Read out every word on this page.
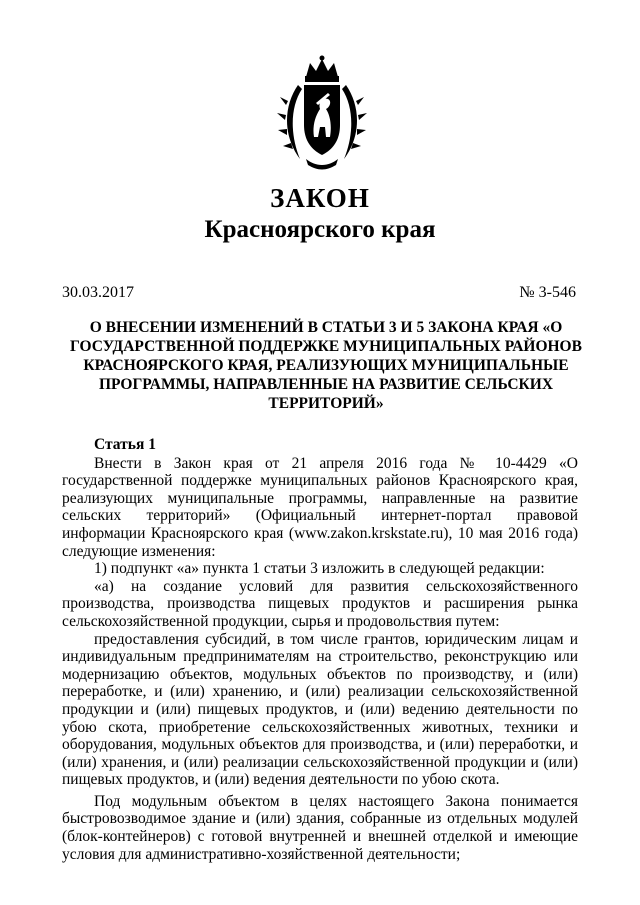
ЗАКОН
Красноярского края
30.03.2017	№ 3-546
О ВНЕСЕНИИ ИЗМЕНЕНИЙ В СТАТЬИ 3 И 5 ЗАКОНА КРАЯ «О ГОСУДАРСТВЕННОЙ ПОДДЕРЖКЕ МУНИЦИПАЛЬНЫХ РАЙОНОВ КРАСНОЯРСКОГО КРАЯ, РЕАЛИЗУЮЩИХ МУНИЦИПАЛЬНЫЕ ПРОГРАММЫ, НАПРАВЛЕННЫЕ НА РАЗВИТИЕ СЕЛЬСКИХ ТЕРРИТОРИЙ»
Статья 1

Внести в Закон края от 21 апреля 2016 года № 10-4429 «О государственной поддержке муниципальных районов Красноярского края, реализующих муниципальные программы, направленные на развитие сельских территорий» (Официальный интернет-портал правовой информации Красноярского края (www.zakon.krskstate.ru), 10 мая 2016 года) следующие изменения:

1) подпункт «а» пункта 1 статьи 3 изложить в следующей редакции:

«а) на создание условий для развития сельскохозяйственного производства, производства пищевых продуктов и расширения рынка сельскохозяйственной продукции, сырья и продовольствия путем:

предоставления субсидий, в том числе грантов, юридическим лицам и индивидуальным предпринимателям на строительство, реконструкцию или модернизацию объектов, модульных объектов по производству, и (или) переработке, и (или) хранению, и (или) реализации сельскохозяйственной продукции и (или) пищевых продуктов, и (или) ведению деятельности по убою скота, приобретение сельскохозяйственных животных, техники и оборудования, модульных объектов для производства, и (или) переработки, и (или) хранения, и (или) реализации сельскохозяйственной продукции и (или) пищевых продуктов, и (или) ведения деятельности по убою скота.

Под модульным объектом в целях настоящего Закона понимается быстровозводимое здание и (или) здания, собранные из отдельных модулей (блок-контейнеров) с готовой внутренней и внешней отделкой и имеющие условия для административно-хозяйственной деятельности;
